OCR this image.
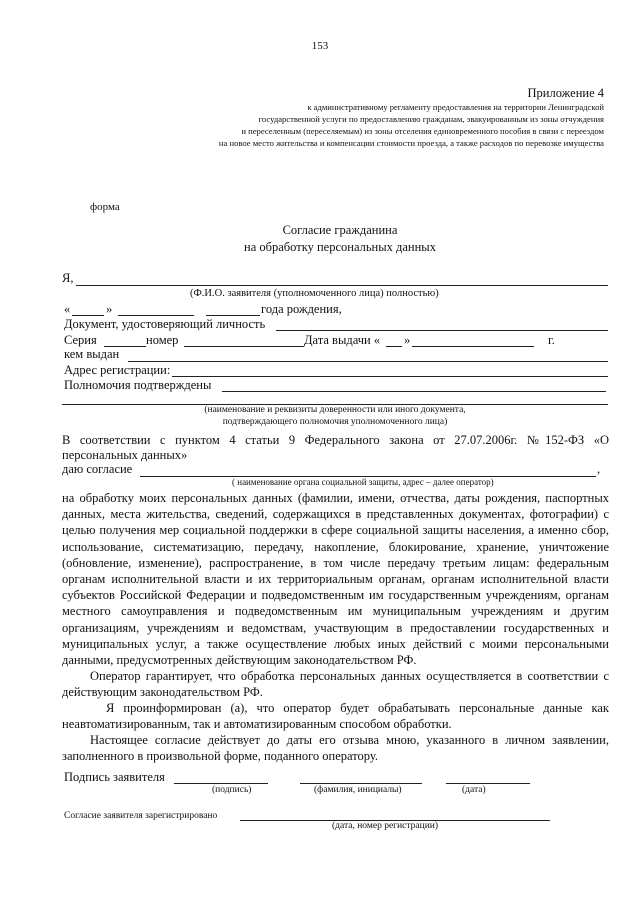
153
Приложение 4
к административному регламенту предоставления на территории Ленинградской
государственной услуги по предоставлению гражданам, эвакуированным из зоны отчуждения
и переселенным (переселяемым) из зоны отселения единовременного пособия в связи с переездом
на новое место жительства и компенсации стоимости проезда, а также расходов по перевозке имущества
форма
Согласие гражданина
на обработку персональных данных
Я,
(Ф.И.О. заявителя (уполномоченного лица) полностью)
«	»	года рождения,
Документ, удостоверяющий личность
Серия	номер	Дата выдачи « »	г.
кем выдан
Адрес регистрации:
Полномочия подтверждены
(наименование и реквизиты доверенности или иного документа,
подтверждающего полномочия уполномоченного лица)
В соответствии с пунктом 4 статьи 9 Федерального закона от 27.07.2006г. №152-ФЗ «О
персональных данных»
даю согласие	,
( наименование органа социальной защиты, адрес – далее оператор)
на обработку моих персональных данных (фамилии, имени, отчества, даты рождения, паспортных данных, места жительства, сведений, содержащихся в представленных документах, фотографии) с целью получения мер социальной поддержки в сфере социальной защиты населения, а именно сбор, использование, систематизацию, передачу, накопление, блокирование, хранение, уничтожение (обновление, изменение), распространение, в том числе передачу третьим лицам: федеральным органам исполнительной власти и их территориальным органам, органам исполнительной власти субъектов Российской Федерации и подведомственным им государственным учреждениям, органам местного самоуправления и подведомственным им муниципальным учреждениям и другим организациям, учреждениям и ведомствам, участвующим в предоставлении государственных и муниципальных услуг, а также осуществление любых иных действий с моими персональными данными, предусмотренных действующим законодательством РФ.
Оператор гарантирует, что обработка персональных данных осуществляется в соответствии с действующим законодательством РФ.
Я проинформирован (а), что оператор будет обрабатывать персональные данные как неавтоматизированным, так и автоматизированным способом обработки.
Настоящее согласие действует до даты его отзыва мною, указанного в личном заявлении, заполненного в произвольной форме, поданного оператору.
Подпись заявителя
(подпись)	(фамилия, инициалы)	(дата)
Согласие заявителя зарегистрировано
(дата, номер регистрации)
